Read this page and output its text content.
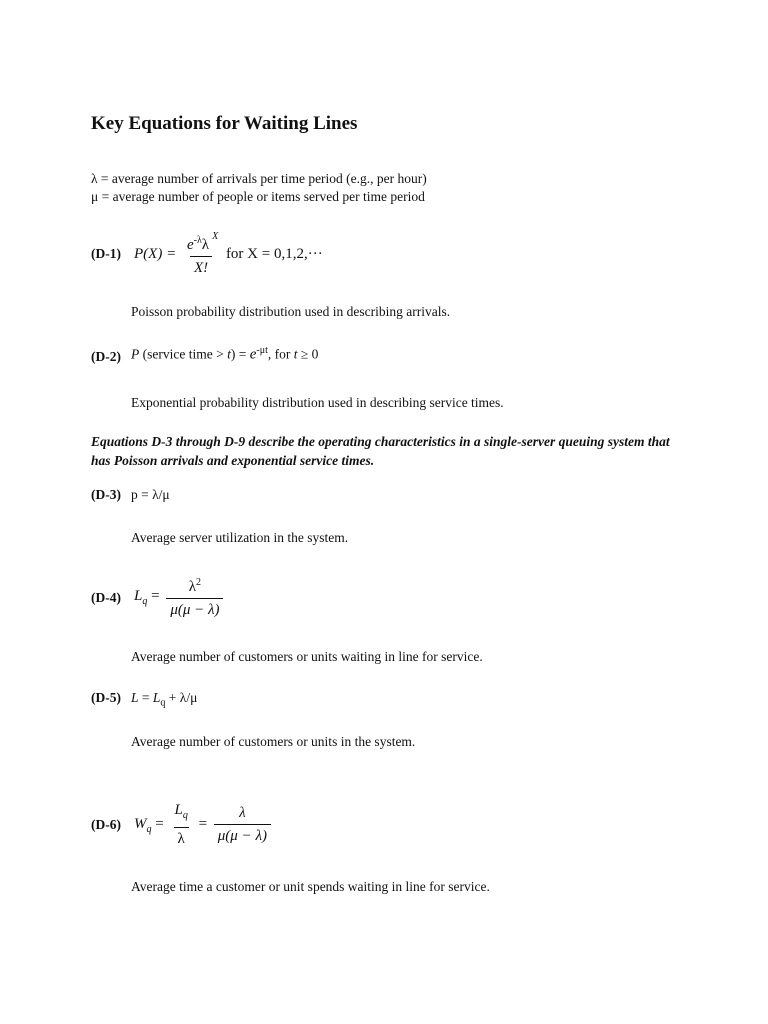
Key Equations for Waiting Lines
λ = average number of arrivals per time period (e.g., per hour)
μ = average number of people or items served per time period
(D-1) $P(X) = \frac{e^{-\lambda}\lambda^X}{X!}$ for X = 0,1,2,···
Poisson probability distribution used in describing arrivals.
(D-2) P (service time > $t) = e^{-\mu t}$, for t ≥ 0
Exponential probability distribution used in describing service times.
Equations D-3 through D-9 describe the operating characteristics in a single-server queuing system that has Poisson arrivals and exponential service times.
(D-3) p = λ/μ
Average server utilization in the system.
(D-4) $L_q = \frac{\lambda^2}{\mu(\mu - \lambda)}$
Average number of customers or units waiting in line for service.
(D-5) $L = L_q + \lambda/\mu$
Average number of customers or units in the system.
(D-6) $W_q = \frac{L_q}{\lambda} = \frac{\lambda}{\mu(\mu - \lambda)}$
Average time a customer or unit spends waiting in line for service.
